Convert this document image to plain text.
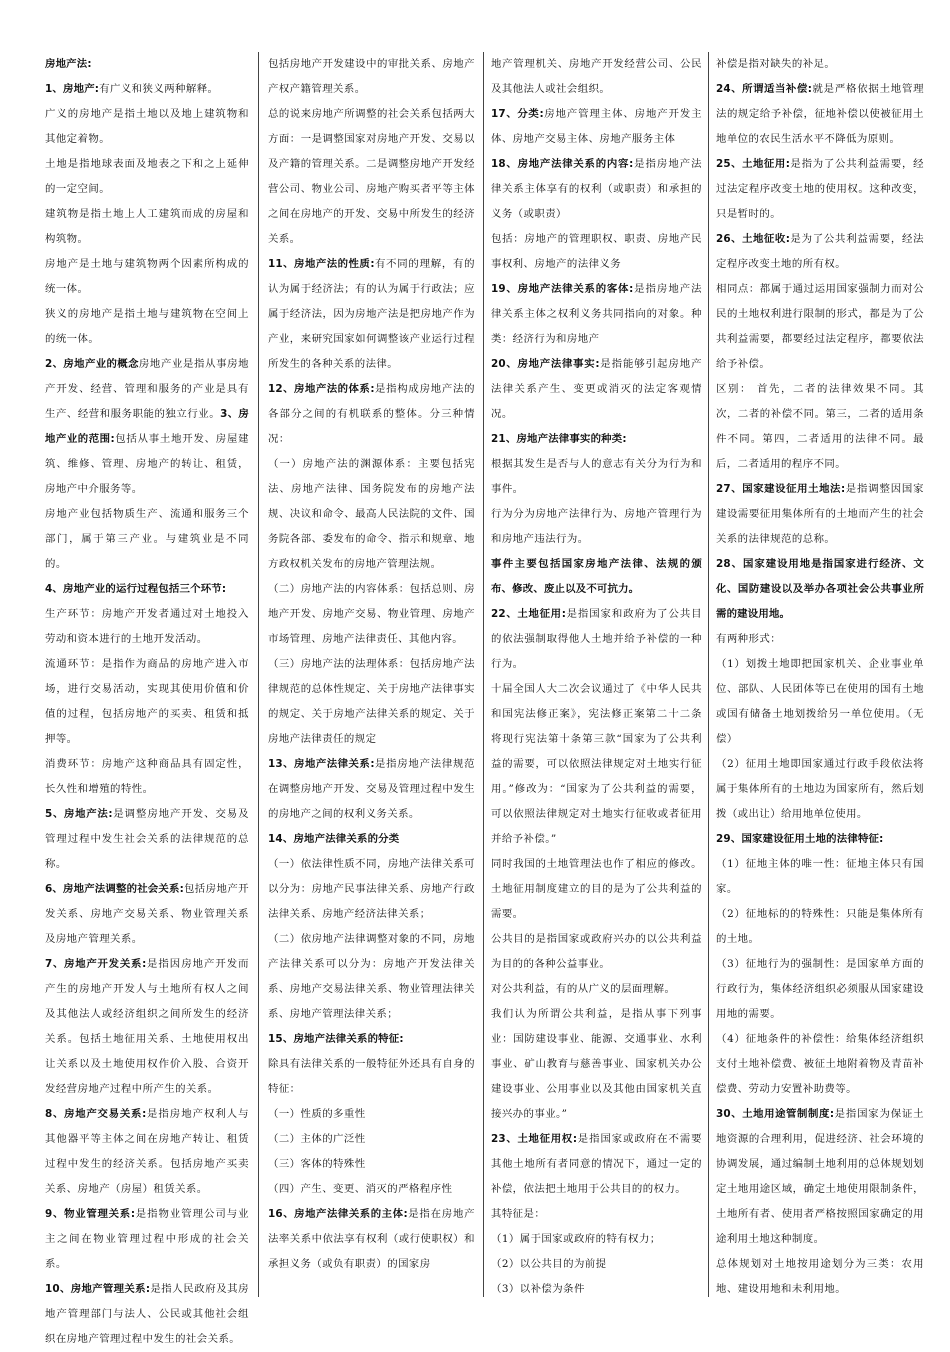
房地产法:

1、房地产:有广义和狭义两种解释。

广义的房地产是指土地以及地上建筑物和其他定着物。

土地是指地球表面及地表之下和之上延伸的一定空间。

建筑物是指土地上人工建筑而成的房屋和构筑物。

房地产是土地与建筑物两个因素所构成的统一体。

狭义的房地产是指土地与建筑物在空间上的统一体。

2、房地产业的概念房地产业是指从事房地产开发、经营、管理和服务的产业是具有生产、经营和服务职能的独立行业。3、房地产业的范围:包括从事土地开发、房屋建筑、维修、管理、房地产的转让、租赁，房地产中介服务等。

房地产业包括物质生产、流通和服务三个部门，属于第三产业。与建筑业是不同的。

4、房地产业的运行过程包括三个环节:

生产环节：房地产开发者通过对土地投入劳动和资本进行的土地开发活动。

流通环节：是指作为商品的房地产进入市场，进行交易活动，实现其使用价值和价值的过程，包括房地产的买卖、租赁和抵押等。

消费环节：房地产这种商品具有固定性，长久性和增殖的特性。

5、房地产法:是调整房地产开发、交易及管理过程中发生社会关系的法律规范的总称。

6、房地产法调整的社会关系:包括房地产开发关系、房地产交易关系、物业管理关系及房地产管理关系。

7、房地产开发关系:是指因房地产开发而产生的房地产开发人与土地所有权人之间及其他法人或经济组织之间所发生的经济关系。包括土地征用关系、土地使用权出让关系以及土地使用权作价入股、合资开发经营房地产过程中所产生的关系。

8、房地产交易关系:是指房地产权利人与其他器平等主体之间在房地产转让、租赁过程中发生的经济关系。包括房地产买卖关系、房地产（房屋）租赁关系。

9、物业管理关系:是指物业管理公司与业主之间在物业管理过程中形成的社会关系。

10、房地产管理关系:是指人民政府及其房地产管理部门与法人、公民或其他社会组织在房地产管理过程中发生的社会关系。

包括房地产开发建设中的审批关系、房地产产权产籍管理关系。

总的说来房地产所调整的社会关系包括两大方面：一是调整国家对房地产开发、交易以及产籍的管理关系。二是调整房地产开发经营公司、物业公司、房地产购买者平等主体之间在房地产的开发、交易中所发生的经济关系。

11、房地产法的性质:有不同的理解，有的认为属于经济法；有的认为属于行政法；应属于经济法，因为房地产法是把房地产作为产业，来研究国家如何调整该产业运行过程所发生的各种关系的法律。

12、房地产法的体系:是指构成房地产法的各部分之间的有机联系的整体。分三种情况：

（一）房地产法的渊源体系：主要包括宪法、房地产法律、国务院发布的房地产法规、决议和命令、最高人民法院的文件、国务院各部、委发布的命令、指示和规章、地方政权机关发布的房地产管理法规。

（二）房地产法的内容体系：包括总则、房地产开发、房地产交易、物业管理、房地产市场管理、房地产法律责任、其他内容。

（三）房地产法的法理体系：包括房地产法律规范的总体性规定、关于房地产法律事实的规定、关于房地产法律关系的规定、关于房地产法律责任的规定

13、房地产法律关系:是指房地产法律规范在调整房地产开发、交易及管理过程中发生的房地产之间的权利义务关系。

14、房地产法律关系的分类

（一）依法律性质不同，房地产法律关系可以分为：房地产民事法律关系、房地产行政法律关系、房地产经济法律关系；

（二）依房地产法律调整对象的不同，房地产法律关系可以分为：房地产开发法律关系、房地产交易法律关系、物业管理法律关系、房地产管理法律关系；

15、房地产法律关系的特征:

除具有法律关系的一般特征外还具有自身的特征：

（一）性质的多重性

（二）主体的广泛性

（三）客体的特殊性

（四）产生、变更、消灭的严格程序性

16、房地产法律关系的主体:是指在房地产法率关系中依法享有权利（或行使职权）和承担义务（或负有职责）的国家房

地产管理机关、房地产开发经营公司、公民及其他法人或社会组织。

17、分类:房地产管理主体、房地产开发主体、房地产交易主体、房地产服务主体

18、房地产法律关系的内容:是指房地产法律关系主体享有的权利（或职责）和承担的义务（或职责）

包括：房地产的管理职权、职责、房地产民事权利、房地产的法律义务

19、房地产法律关系的客体:是指房地产法律关系主体之权利义务共同指向的对象。种类：经济行为和房地产

20、房地产法律事实:是指能够引起房地产法律关系产生、变更或消灭的法定客观情况。

21、房地产法律事实的种类:

根据其发生是否与人的意志有关分为行为和事件。

行为分为房地产法律行为、房地产管理行为和房地产违法行为。

事件主要包括国家房地产法律、法规的颁布、修改、废止以及不可抗力。

22、土地征用:是指国家和政府为了公共目的依法强制取得他人土地并给予补偿的一种行为。

十届全国人大二次会议通过了《中华人民共和国宪法修正案》，宪法修正案第二十二条将现行宪法第十条第三款“国家为了公共利益的需要，可以依照法律规定对土地实行征用。”修改为：“国家为了公共利益的需要，可以依照法律规定对土地实行征收或者征用并给予补偿。”

同时我国的土地管理法也作了相应的修改。土地征用制度建立的目的是为了公共利益的需要。

公共目的是指国家或政府兴办的以公共利益为目的的各种公益事业。

对公共利益，有的从广义的层面理解。

我们认为所谓公共利益，是指从事下列事业：国防建设事业、能源、交通事业、水利事业、矿山教育与慈善事业、国家机关办公建设事业、公用事业以及其他由国家机关直接兴办的事业。”

23、土地征用权:是指国家或政府在不需要其他土地所有者同意的情况下，通过一定的补偿，依法把土地用于公共目的的权力。

其特征是：

（1）属于国家或政府的特有权力；

（2）以公共目的为前提

（3）以补偿为条件

补偿是指对缺失的补足。

24、所谓适当补偿:就是严格依据土地管理法的规定给予补偿，征地补偿以使被征用土地单位的农民生活水平不降低为原则。

25、土地征用:是指为了公共利益需要，经过法定程序改变土地的使用权。这种改变，只是暂时的。

26、土地征收:是为了公共利益需要，经法定程序改变土地的所有权。

相同点：都属于通过运用国家强制力而对公民的土地权利进行限制的形式，都是为了公共利益需要，都要经过法定程序，都要依法给予补偿。

区别： 首先，二者的法律效果不同。其次，二者的补偿不同。第三，二者的适用条件不同。第四，二者适用的法律不同。最后，二者适用的程序不同。

27、国家建设征用土地法:是指调整因国家建设需要征用集体所有的土地而产生的社会关系的法律规范的总称。

28、国家建设用地是指国家进行经济、文化、国防建设以及举办各项社会公共事业所需的建设用地。

有两种形式：

（1）划拨土地即把国家机关、企业事业单位、部队、人民团体等已在使用的国有土地或国有储备土地划拨给另一单位使用。（无偿）

（2）征用土地即国家通过行政手段依法将属于集体所有的土地边为国家所有，然后划拨（或出让）给用地单位使用。

29、国家建设征用土地的法律特征:

（1）征地主体的唯一性：征地主体只有国家。

（2）征地标的的特殊性：只能是集体所有的土地。

（3）征地行为的强制性：是国家单方面的行政行为，集体经济组织必须服从国家建设用地的需要。

（4）征地条件的补偿性：给集体经济组织支付土地补偿费、被征土地附着物及青苗补偿费、劳动力安置补助费等。

30、土地用途管制制度:是指国家为保证土地资源的合理利用，促进经济、社会环境的协调发展，通过编制土地利用的总体规划划定土地用途区域，确定土地使用限制条件，土地所有者、使用者严格按照国家确定的用途利用土地这种制度。

总体规划对土地按用途划分为三类：农用地、建设用地和未利用地。
